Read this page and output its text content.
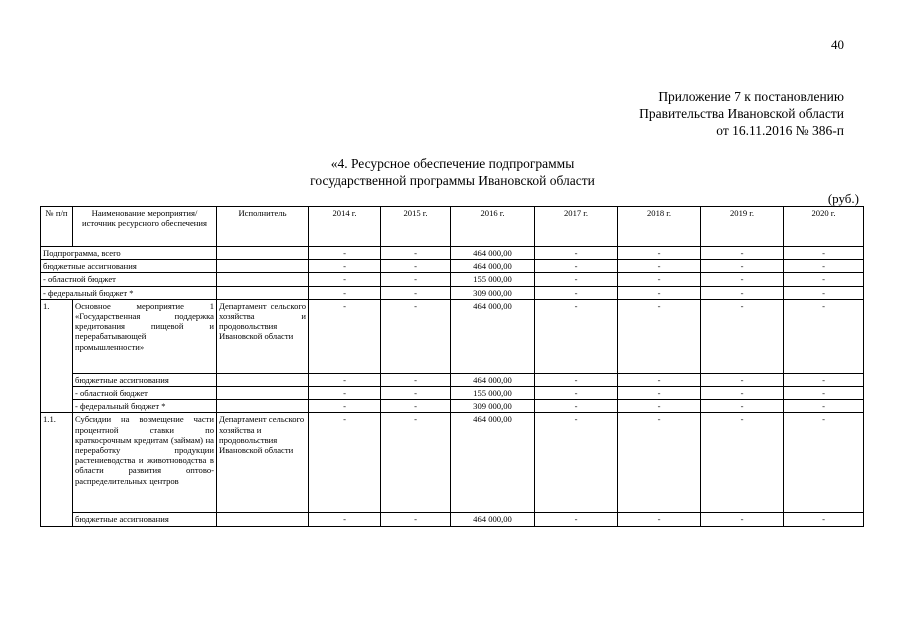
40
Приложение 7 к постановлению
Правительства Ивановской области
от 16.11.2016 № 386-п
«4. Ресурсное обеспечение подпрограммы
государственной программы Ивановской области
(руб.)
№ п/п	Наименование мероприятия/ источник ресурсного обеспечения	Исполнитель	2014 г.	2015 г.	2016 г.	2017 г.	2018 г.	2019 г.	2020 г.
Подпрограмма, всего			-	-	464 000,00	-	-	-	-
бюджетные ассигнования			-	-	464 000,00	-	-	-	-
- областной бюджет			-	-	155 000,00	-	-	-	-
- федеральный бюджет *			-	-	309 000,00	-	-	-	-
1.	Основное мероприятие 1 «Государственная поддержка кредитования пищевой и перерабатывающей промышленности»	Департамент сельского хозяйства и продовольствия Ивановской области	-	-	464 000,00	-	-	-	-
	бюджетные ассигнования		-	-	464 000,00	-	-	-	-
	- областной бюджет		-	-	155 000,00	-	-	-	-
	- федеральный бюджет *		-	-	309 000,00	-	-	-	-
1.1.	Субсидии на возмещение части процентной ставки по краткосрочным кредитам (займам) на переработку продукции растениеводства и животноводства в области развития оптово-распределительных центров	Департамент сельского хозяйства и продовольствия Ивановской области	-	-	464 000,00	-	-	-	-
	бюджетные ассигнования		-	-	464 000,00	-	-	-	-
